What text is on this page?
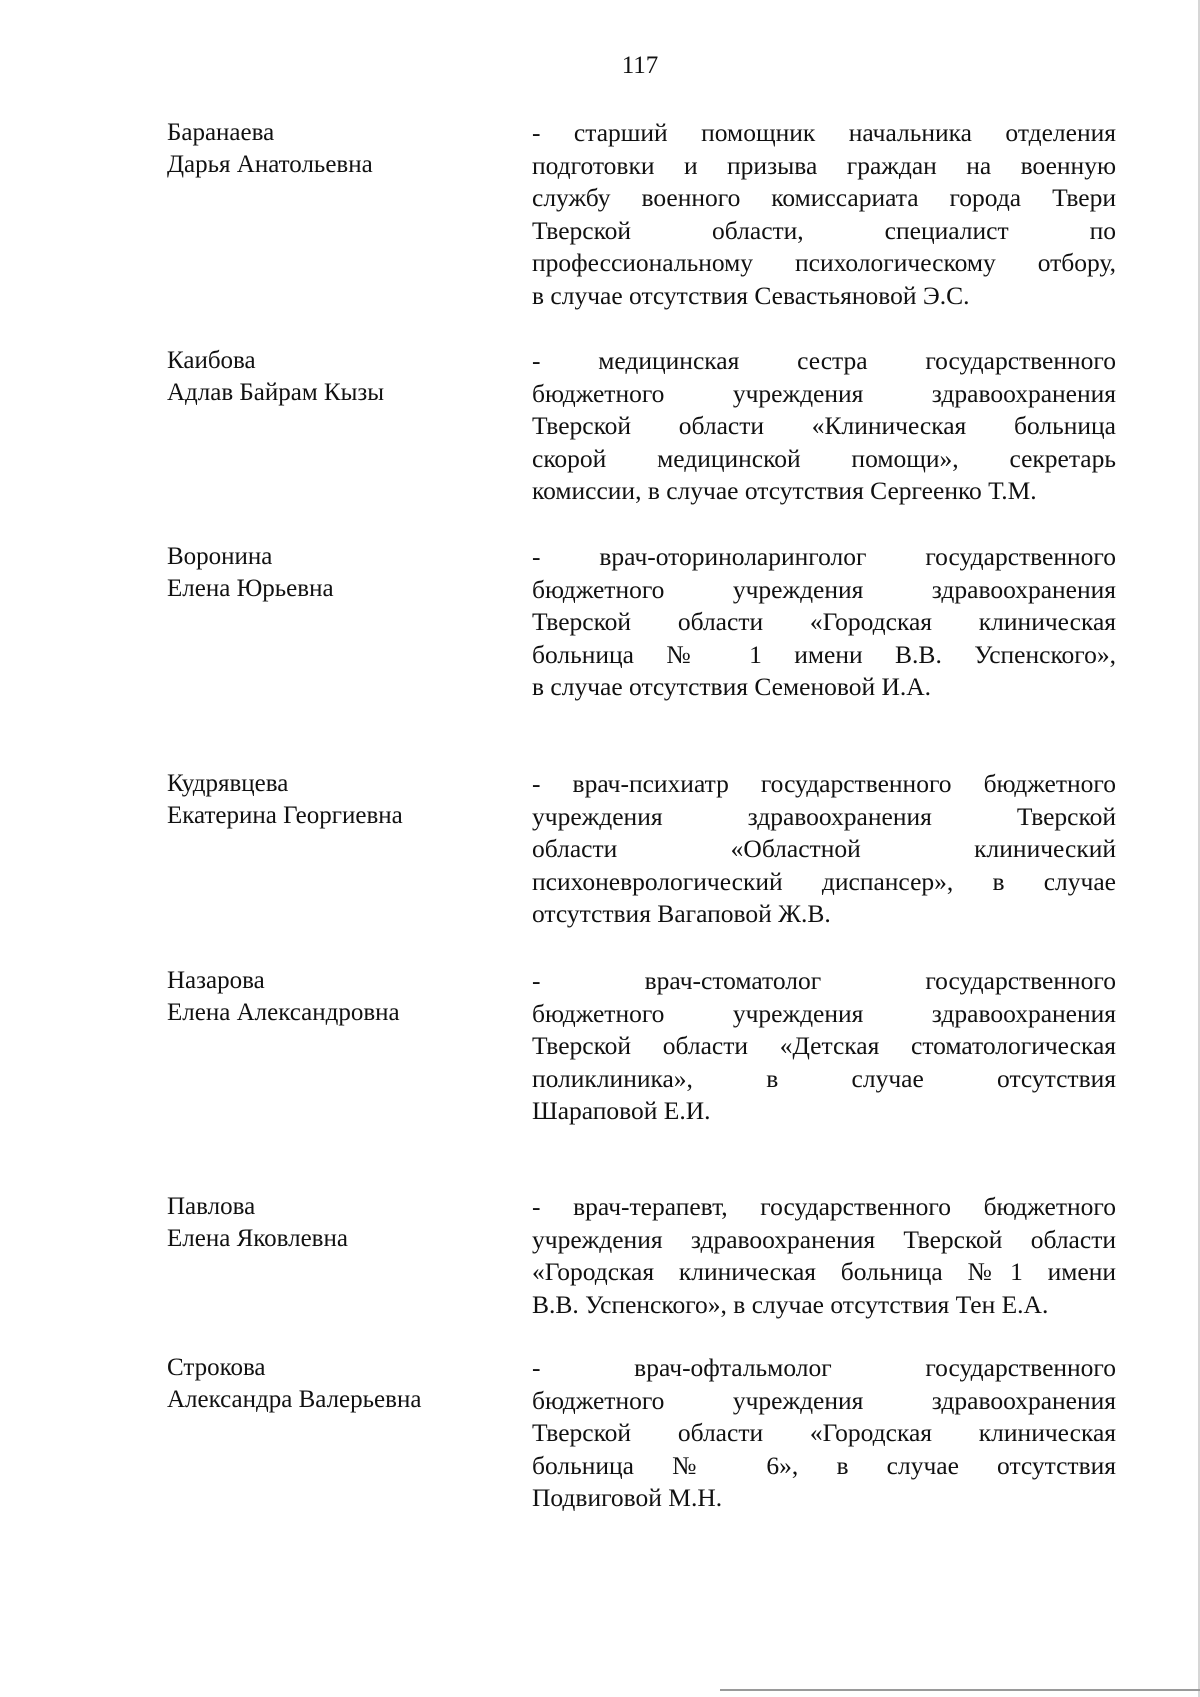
117
Баранаева
Дарья Анатольевна
- старший помощник начальника отделения
подготовки и призыва граждан на военную
службу военного комиссариата города Твери
Тверской области, специалист по
профессиональному психологическому отбору,
в случае отсутствия Севастьяновой Э.С.
Каибова
Адлав Байрам Кызы
- медицинская сестра государственного
бюджетного учреждения здравоохранения
Тверской области «Клиническая больница
скорой медицинской помощи», секретарь
комиссии, в случае отсутствия Сергеенко Т.М.
Воронина
Елена Юрьевна
- врач-оториноларинголог государственного
бюджетного учреждения здравоохранения
Тверской области «Городская клиническая
больница № 1 имени В.В. Успенского»,
в случае отсутствия Семеновой И.А.
Кудрявцева
Екатерина Георгиевна
- врач-психиатр государственного бюджетного
учреждения здравоохранения Тверской
области «Областной клинический
психоневрологический диспансер», в случае
отсутствия Вагаповой Ж.В.
Назарова
Елена Александровна
- врач-стоматолог государственного
бюджетного учреждения здравоохранения
Тверской области «Детская стоматологическая
поликлиника», в случае отсутствия
Шараповой Е.И.
Павлова
Елена Яковлевна
- врач-терапевт, государственного бюджетного
учреждения здравоохранения Тверской области
«Городская клиническая больница №1 имени
В.В. Успенского», в случае отсутствия Тен Е.А.
Строкова
Александра Валерьевна
- врач-офтальмолог государственного
бюджетного учреждения здравоохранения
Тверской области «Городская клиническая
больница № 6», в случае отсутствия
Подвиговой М.Н.
